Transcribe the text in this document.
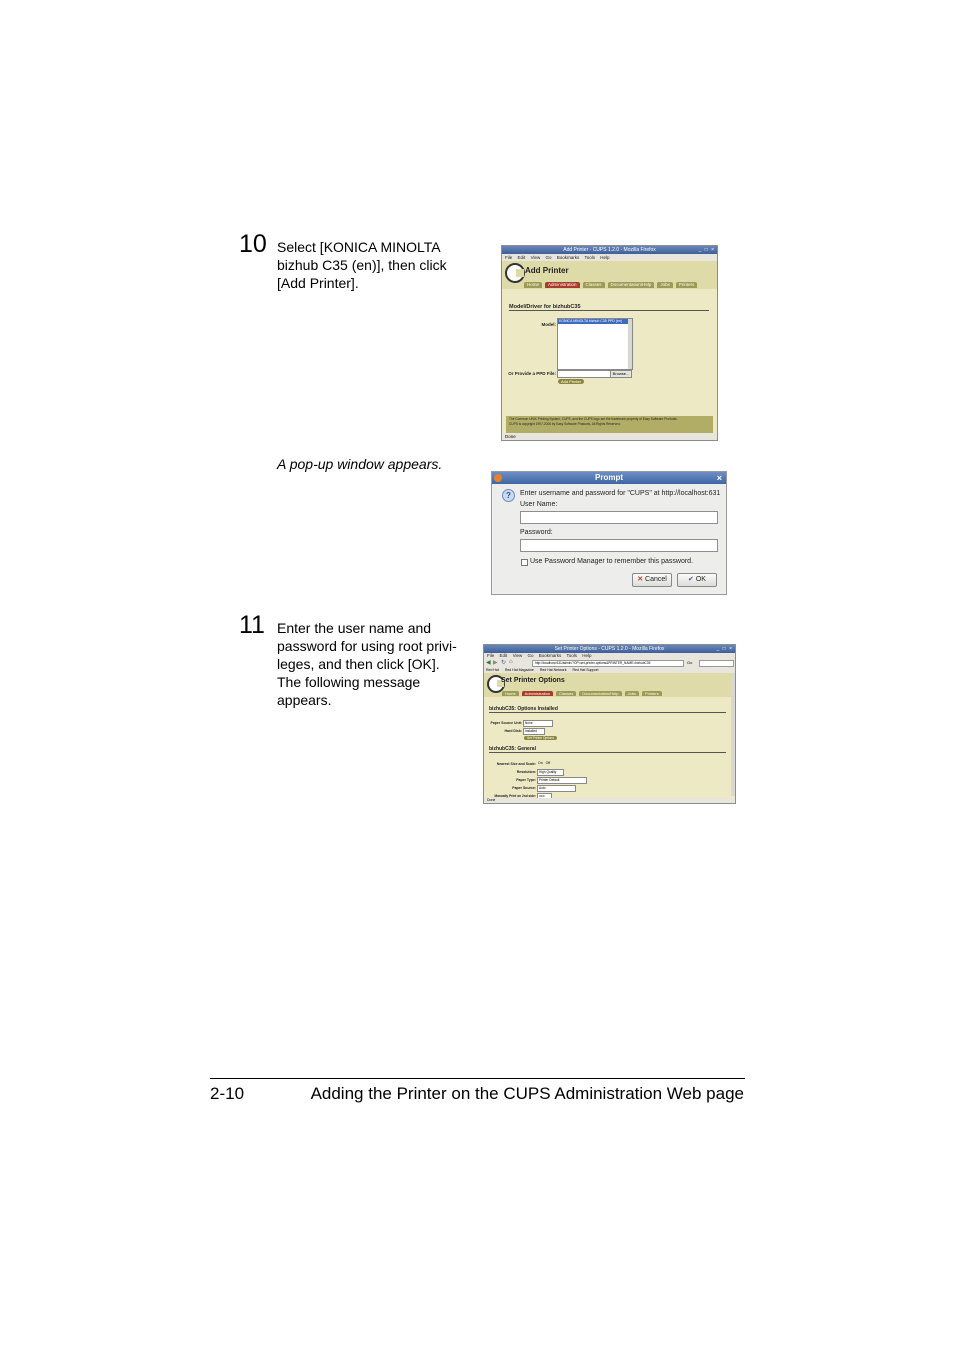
10 Select [KONICA MINOLTA bizhub C35 (en)], then click [Add Printer].
Add Printer - CUPS 1.2.0 - Mozilla Firefox	_ □ ×
File Edit View Go Bookmarks Tools Help
Add Printer
Home	Administration	Classes	Documentation/Help	Jobs	Printers
Model/Driver for bizhubC35
Model:
KONICA MINOLTA bizhub C35 PPD (en)
Or Provide a PPD File:	Browse...
Add Printer
The Common UNIX Printing System, CUPS, and the CUPS logo are the trademark property of Easy Software Products.
CUPS is copyright 1997-2006 by Easy Software Products, All Rights Reserved.
Done
A pop-up window appears.
Prompt	×
?	Enter username and password for "CUPS" at http://localhost:631
User Name:
Password:
Use Password Manager to remember this password.
✕ Cancel	✔ OK
11 Enter the user name and password for using root privi-leges, and then click [OK]. The following message appears.
Set Printer Options - CUPS 1.2.0 - Mozilla Firefox	_ □ ×
File Edit View Go Bookmarks Tools Help
◀ ▶ ↻ ⌂	http://localhost:631/admin/?OP=set-printer-options&PRINTER_NAME=bizhubC35	Go
Red Hat Red Hat Magazine Red Hat Network Red Hat Support
Set Printer Options
Home	Administration	Classes	Documentation/Help	Jobs	Printers
bizhubC35: Options Installed
Paper Source Unit: None
Hard Disk: Installed
Set Printer Options
bizhubC35: General
Nearest Size and Scale: On   Off
Resolution: High Quality
Paper Type: Printer Default
Paper Source: Auto
Manually Print on 2nd side:	OFF
Done
2-10	Adding the Printer on the CUPS Administration Web page
